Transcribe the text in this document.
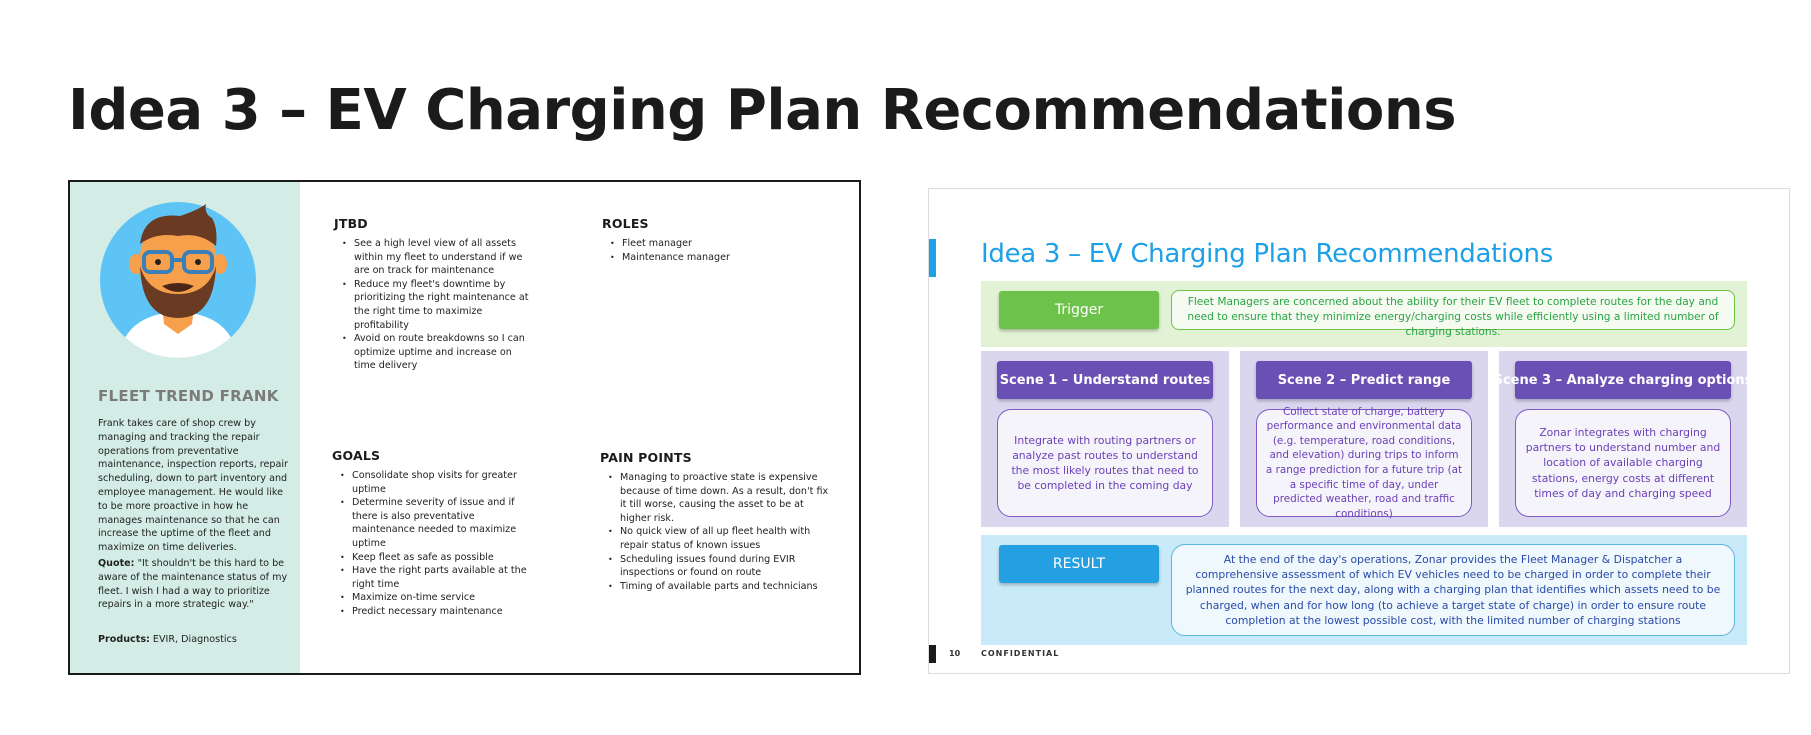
Idea 3 – EV Charging Plan Recommendations
FLEET TREND FRANK
Frank takes care of shop crew by managing and tracking the repair operations from preventative maintenance, inspection reports, repair scheduling, down to part inventory and employee management. He would like to be more proactive in how he manages maintenance so that he can increase the uptime of the fleet and maximize on time deliveries.
Quote: "It shouldn't be this hard to be aware of the maintenance status of my fleet. I wish I had a way to prioritize repairs in a more strategic way."
Products: EVIR, Diagnostics
JTBD
• See a high level view of all assets within my fleet to understand if we are on track for maintenance
• Reduce my fleet's downtime by prioritizing the right maintenance at the right time to maximize profitability
• Avoid on route breakdowns so I can optimize uptime and increase on time delivery
ROLES
• Fleet manager
• Maintenance manager
GOALS
• Consolidate shop visits for greater uptime
• Determine severity of issue and if there is also preventative maintenance needed to maximize uptime
• Keep fleet as safe as possible
• Have the right parts available at the right time
• Maximize on-time service
• Predict necessary maintenance
PAIN POINTS
• Managing to proactive state is expensive because of time down. As a result, don't fix it till worse, causing the asset to be at higher risk.
• No quick view of all up fleet health with repair status of known issues
• Scheduling issues found during EVIR inspections or found on route
• Timing of available parts and technicians
Idea 3 – EV Charging Plan Recommendations
Trigger	Fleet Managers are concerned about the ability for their EV fleet to complete routes for the day and need to ensure that they minimize energy/charging costs while efficiently using a limited number of charging stations.
Scene 1 – Understand routes
Integrate with routing partners or analyze past routes to understand the most likely routes that need to be completed in the coming day
Scene 2 – Predict range
Collect state of charge, battery performance and environmental data (e.g. temperature, road conditions, and elevation) during trips to inform a range prediction for a future trip (at a specific time of day, under predicted weather, road and traffic conditions)
Scene 3 – Analyze charging options
Zonar integrates with charging partners to understand number and location of available charging stations, energy costs at different times of day and charging speed
RESULT	At the end of the day's operations, Zonar provides the Fleet Manager & Dispatcher a comprehensive assessment of which EV vehicles need to be charged in order to complete their planned routes for the next day, along with a charging plan that identifies which assets need to be charged, when and for how long (to achieve a target state of charge) in order to ensure route completion at the lowest possible cost, with the limited number of charging stations
10	CONFIDENTIAL
